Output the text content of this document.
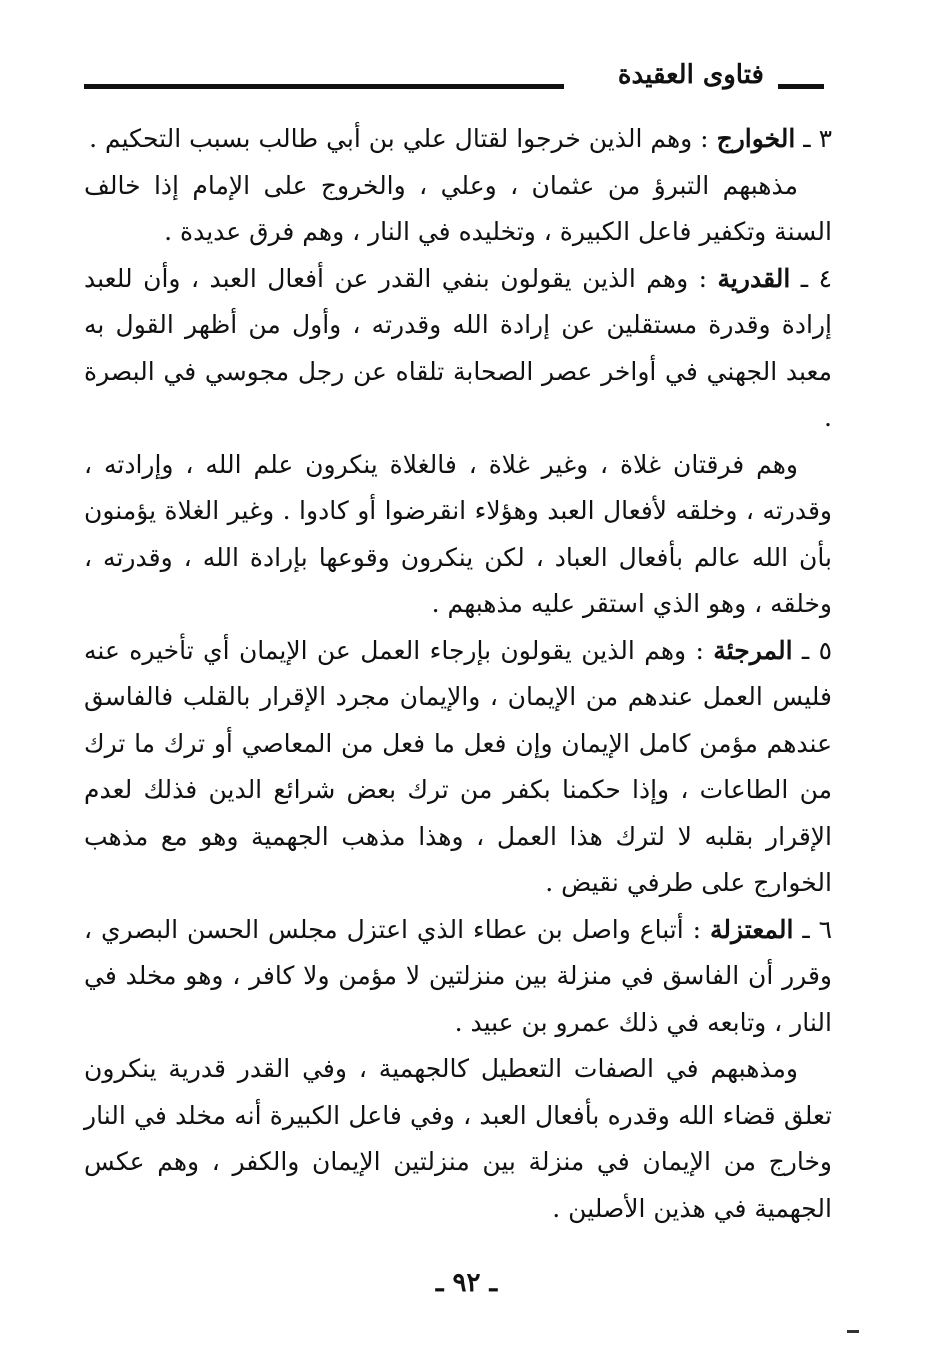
فتاوى العقيدة

٣ ـ الخوارج : وهم الذين خرجوا لقتال علي بن أبي طالب بسبب التحكيم .

مذهبهم التبرؤ من عثمان ، وعلي ، والخروج على الإمام إذا خالف السنة وتكفير فاعل الكبيرة ، وتخليده في النار ، وهم فرق عديدة .

٤ ـ القدرية : وهم الذين يقولون بنفي القدر عن أفعال العبد ، وأن للعبد إرادة وقدرة مستقلين عن إرادة الله وقدرته ، وأول من أظهر القول به معبد الجهني في أواخر عصر الصحابة تلقاه عن رجل مجوسي في البصرة .

وهم فرقتان غلاة ، وغير غلاة ، فالغلاة ينكرون علم الله ، وإرادته ، وقدرته ، وخلقه لأفعال العبد وهؤلاء انقرضوا أو كادوا . وغير الغلاة يؤمنون بأن الله عالم بأفعال العباد ، لكن ينكرون وقوعها بإرادة الله ، وقدرته ، وخلقه ، وهو الذي استقر عليه مذهبهم .

٥ ـ المرجئة : وهم الذين يقولون بإرجاء العمل عن الإيمان أي تأخيره عنه فليس العمل عندهم من الإيمان ، والإيمان مجرد الإقرار بالقلب فالفاسق عندهم مؤمن كامل الإيمان وإن فعل ما فعل من المعاصي أو ترك ما ترك من الطاعات ، وإذا حكمنا بكفر من ترك بعض شرائع الدين فذلك لعدم الإقرار بقلبه لا لترك هذا العمل ، وهذا مذهب الجهمية وهو مع مذهب الخوارج على طرفي نقيض .

٦ ـ المعتزلة : أتباع واصل بن عطاء الذي اعتزل مجلس الحسن البصري ، وقرر أن الفاسق في منزلة بين منزلتين لا مؤمن ولا كافر ، وهو مخلد في النار ، وتابعه في ذلك عمرو بن عبيد .

ومذهبهم في الصفات التعطيل كالجهمية ، وفي القدر قدرية ينكرون تعلق قضاء الله وقدره بأفعال العبد ، وفي فاعل الكبيرة أنه مخلد في النار وخارج من الإيمان في منزلة بين منزلتين الإيمان والكفر ، وهم عكس الجهمية في هذين الأصلين .

ـ ٩٢ ـ
